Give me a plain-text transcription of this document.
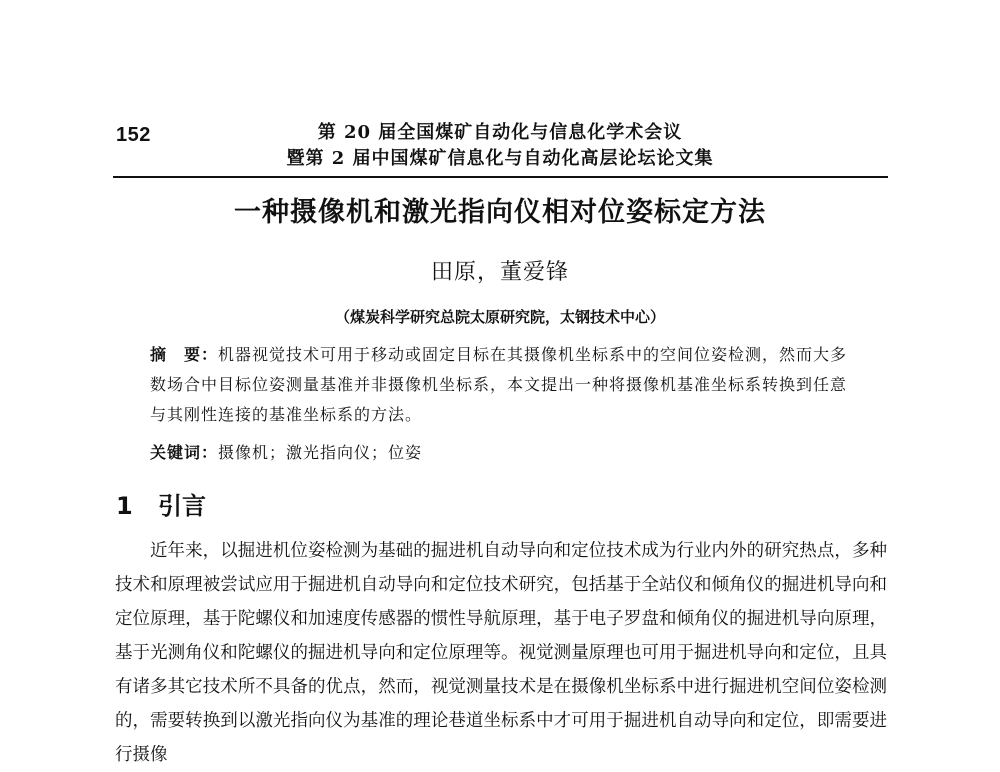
152	第 20 届全国煤矿自动化与信息化学术会议
暨第 2 届中国煤矿信息化与自动化高层论坛论文集
一种摄像机和激光指向仪相对位姿标定方法
田原，董爱锋
（煤炭科学研究总院太原研究院，太钢技术中心）

摘　要：机器视觉技术可用于移动或固定目标在其摄像机坐标系中的空间位姿检测，然而大多数场合中目标位姿测量基准并非摄像机坐标系，本文提出一种将摄像机基准坐标系转换到任意与其刚性连接的基准坐标系的方法。

关键词：摄像机；激光指向仪；位姿
1 引言

近年来，以掘进机位姿检测为基础的掘进机自动导向和定位技术成为行业内外的研究热点，多种技术和原理被尝试应用于掘进机自动导向和定位技术研究，包括基于全站仪和倾角仪的掘进机导向和定位原理，基于陀螺仪和加速度传感器的惯性导航原理，基于电子罗盘和倾角仪的掘进机导向原理，基于光测角仪和陀螺仪的掘进机导向和定位原理等。视觉测量原理也可用于掘进机导向和定位，且具有诸多其它技术所不具备的优点，然而，视觉测量技术是在摄像机坐标系中进行掘进机空间位姿检测的，需要转换到以激光指向仪为基准的理论巷道坐标系中才可用于掘进机自动导向和定位，即需要进行摄像
